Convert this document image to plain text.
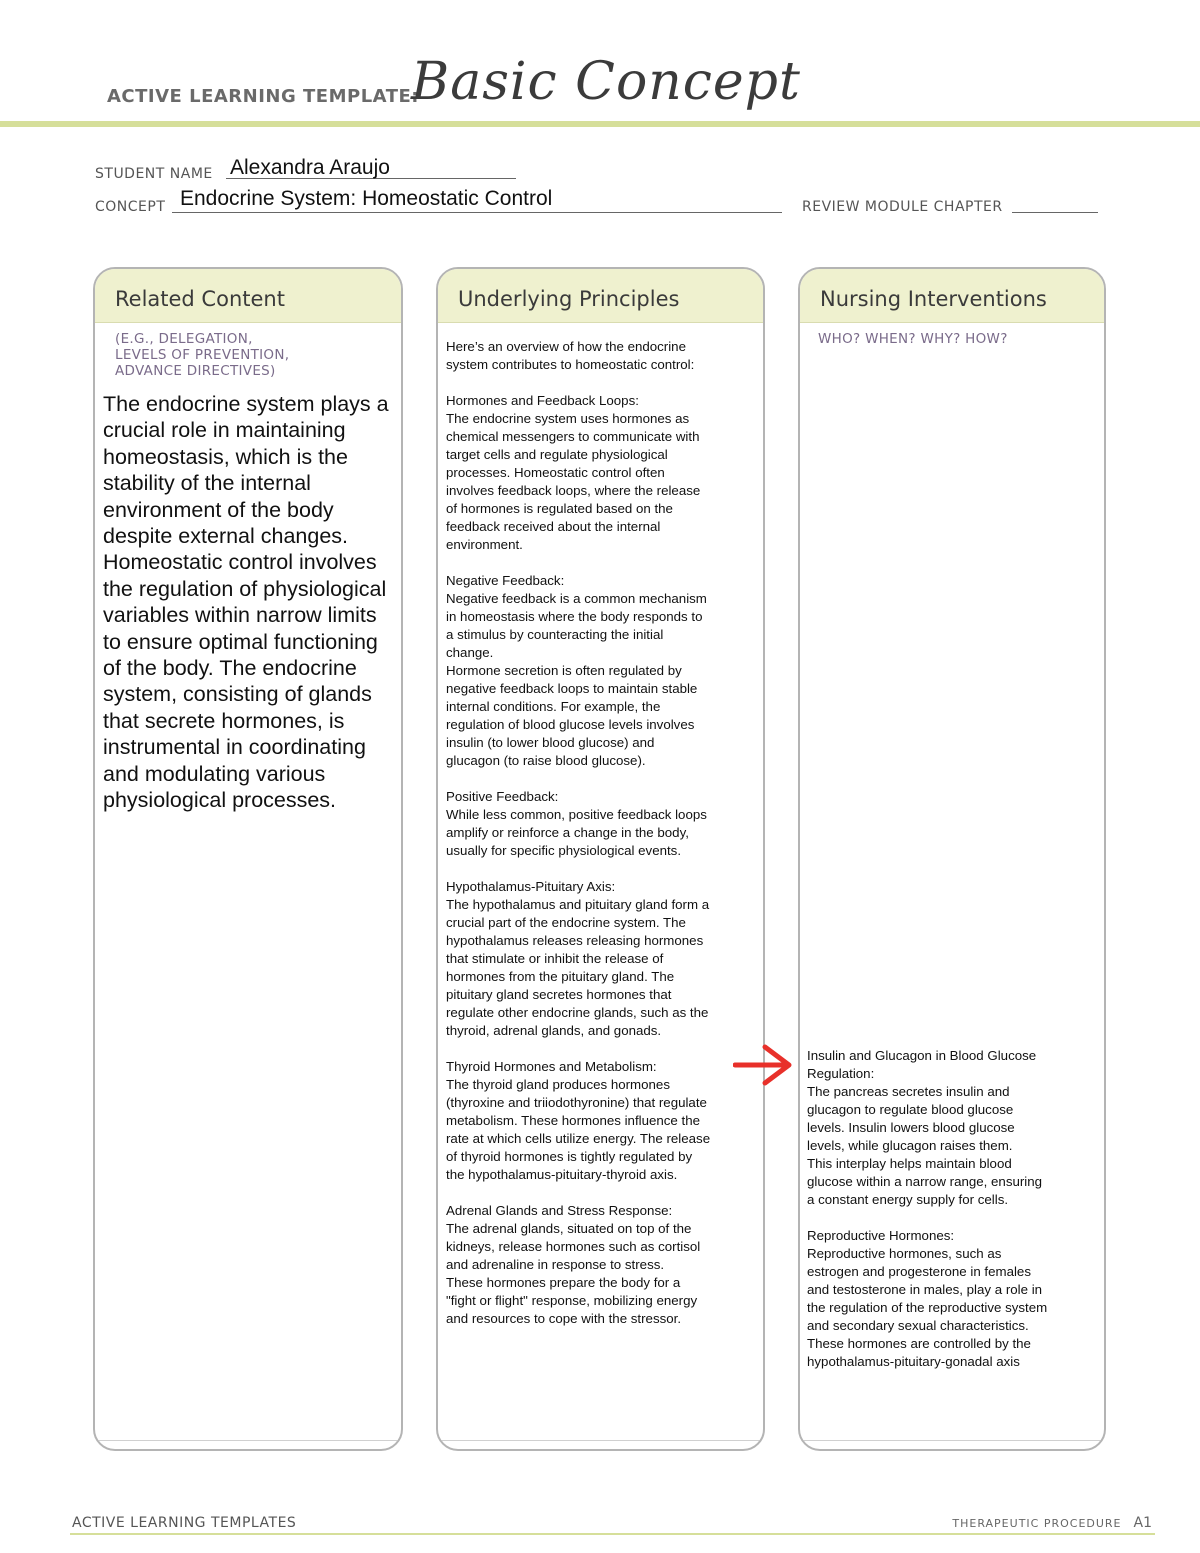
ACTIVE LEARNING TEMPLATE:
Basic Concept
STUDENT NAME Alexandra Araujo
CONCEPT Endocrine System: Homeostatic Control	REVIEW MODULE CHAPTER
Related Content
(E.G., DELEGATION,
LEVELS OF PREVENTION,
ADVANCE DIRECTIVES)
The endocrine system plays a crucial role in maintaining homeostasis, which is the stability of the internal environment of the body despite external changes. Homeostatic control involves the regulation of physiological variables within narrow limits to ensure optimal functioning of the body. The endocrine system, consisting of glands that secrete hormones, is instrumental in coordinating and modulating various physiological processes.
Underlying Principles
Here’s an overview of how the endocrine
system contributes to homeostatic control:

Hormones and Feedback Loops:
The endocrine system uses hormones as
chemical messengers to communicate with
target cells and regulate physiological
processes. Homeostatic control often
involves feedback loops, where the release
of hormones is regulated based on the
feedback received about the internal
environment.

Negative Feedback:
Negative feedback is a common mechanism
in homeostasis where the body responds to
a stimulus by counteracting the initial
change.
Hormone secretion is often regulated by
negative feedback loops to maintain stable
internal conditions. For example, the
regulation of blood glucose levels involves
insulin (to lower blood glucose) and
glucagon (to raise blood glucose).

Positive Feedback:
While less common, positive feedback loops
amplify or reinforce a change in the body,
usually for specific physiological events.

Hypothalamus-Pituitary Axis:
The hypothalamus and pituitary gland form a
crucial part of the endocrine system. The
hypothalamus releases releasing hormones
that stimulate or inhibit the release of
hormones from the pituitary gland. The
pituitary gland secretes hormones that
regulate other endocrine glands, such as the
thyroid, adrenal glands, and gonads.

Thyroid Hormones and Metabolism:
The thyroid gland produces hormones
(thyroxine and triiodothyronine) that regulate
metabolism. These hormones influence the
rate at which cells utilize energy. The release
of thyroid hormones is tightly regulated by
the hypothalamus-pituitary-thyroid axis.

Adrenal Glands and Stress Response:
The adrenal glands, situated on top of the
kidneys, release hormones such as cortisol
and adrenaline in response to stress.
These hormones prepare the body for a
"fight or flight" response, mobilizing energy
and resources to cope with the stressor.
Nursing Interventions
WHO? WHEN? WHY? HOW?
Insulin and Glucagon in Blood Glucose
Regulation:
The pancreas secretes insulin and
glucagon to regulate blood glucose
levels. Insulin lowers blood glucose
levels, while glucagon raises them.
This interplay helps maintain blood
glucose within a narrow range, ensuring
a constant energy supply for cells.

Reproductive Hormones:
Reproductive hormones, such as
estrogen and progesterone in females
and testosterone in males, play a role in
the regulation of the reproductive system
and secondary sexual characteristics.
These hormones are controlled by the
hypothalamus-pituitary-gonadal axis
ACTIVE LEARNING TEMPLATES	THERAPEUTIC PROCEDURE A1
